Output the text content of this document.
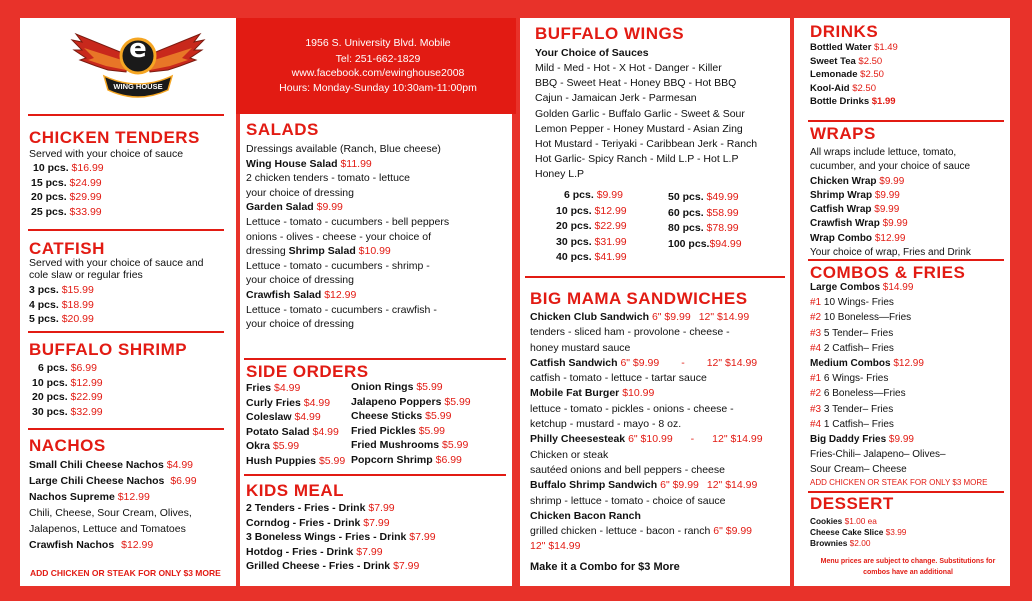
e
WING HOUSE
CHICKEN TENDERS
Served with your choice of sauce
10 pcs. $16.99
15 pcs. $24.99
20 pcs. $29.99
25 pcs. $33.99
CATFISH
Served with your choice of sauce and
cole slaw or regular fries
3 pcs. $15.99
4 pcs. $18.99
5 pcs. $20.99
BUFFALO SHRIMP
6 pcs. $6.99
10 pcs. $12.99
20 pcs. $22.99
30 pcs. $32.99
NACHOS
Small Chili Cheese Nachos $4.99
Large Chili Cheese Nachos $6.99
Nachos Supreme $12.99
Chili, Cheese, Sour Cream, Olives,
Jalapenos, Lettuce and Tomatoes
Crawfish Nachos $12.99
ADD CHICKEN OR STEAK FOR ONLY $3 MORE
1956 S. University Blvd. Mobile
Tel: 251-662-1829
www.facebook.com/ewinghouse2008
Hours: Monday-Sunday 10:30am-11:00pm
SALADS
Dressings available (Ranch, Blue cheese)
Wing House Salad $11.99
2 chicken tenders - tomato - lettuce
your choice of dressing
Garden Salad $9.99
Lettuce - tomato - cucumbers - bell peppers
onions - olives - cheese - your choice of
dressing Shrimp Salad $10.99
Lettuce - tomato - cucumbers - shrimp -
your choice of dressing
Crawfish Salad $12.99
Lettuce - tomato - cucumbers - crawfish -
your choice of dressing
SIDE ORDERS
Fries $4.99
Curly Fries $4.99
Coleslaw $4.99
Potato Salad $4.99
Okra $5.99
Hush Puppies $5.99
Onion Rings $5.99
Jalapeno Poppers $5.99
Cheese Sticks $5.99
Fried Pickles $5.99
Fried Mushrooms $5.99
Popcorn Shrimp $6.99
KIDS MEAL
2 Tenders - Fries - Drink $7.99
Corndog - Fries - Drink $7.99
3 Boneless Wings - Fries - Drink $7.99
Hotdog - Fries - Drink $7.99
Grilled Cheese - Fries - Drink $7.99
BUFFALO WINGS
Your Choice of Sauces
Mild - Med - Hot - X Hot - Danger - Killer
BBQ - Sweet Heat - Honey BBQ - Hot BBQ
Cajun - Jamaican Jerk - Parmesan
Golden Garlic - Buffalo Garlic - Sweet & Sour
Lemon Pepper - Honey Mustard - Asian Zing
Hot Mustard - Teriyaki - Caribbean Jerk - Ranch
Hot Garlic- Spicy Ranch - Mild L.P - Hot L.P
Honey L.P
6 pcs. $9.99
10 pcs. $12.99
20 pcs. $22.99
30 pcs. $31.99
40 pcs. $41.99
50 pcs. $49.99
60 pcs. $58.99
80 pcs. $78.99
100 pcs.$94.99
BIG MAMA SANDWICHES
Chicken Club Sandwich 6" $9.99 12" $14.99
tenders - sliced ham - provolone - cheese -
honey mustard sauce
Catfish Sandwich 6" $9.99 - 12" $14.99
catfish - tomato - lettuce - tartar sauce
Mobile Fat Burger $10.99
lettuce - tomato - pickles - onions - cheese -
ketchup - mustard - mayo - 8 oz.
Philly Cheesesteak 6" $10.99 - 12" $14.99
Chicken or steak
sautéed onions and bell peppers - cheese
Buffalo Shrimp Sandwich 6" $9.99 12" $14.99
shrimp - lettuce - tomato - choice of sauce
Chicken Bacon Ranch
grilled chicken - lettuce - bacon - ranch 6" $9.99
12" $14.99
Make it a Combo for $3 More
DRINKS
Bottled Water $1.49
Sweet Tea $2.50
Lemonade $2.50
Kool-Aid $2.50
Bottle Drinks $1.99
WRAPS
All wraps include lettuce, tomato,
cucumber, and your choice of sauce
Chicken Wrap $9.99
Shrimp Wrap $9.99
Catfish Wrap $9.99
Crawfish Wrap $9.99
Wrap Combo $12.99
Your choice of wrap, Fries and Drink
COMBOS & FRIES
Large Combos $14.99
#1 10 Wings- Fries
#2 10 Boneless—Fries
#3 5 Tender– Fries
#4 2 Catfish– Fries
Medium Combos $12.99
#1 6 Wings- Fries
#2 6 Boneless—Fries
#3 3 Tender– Fries
#4 1 Catfish– Fries
Big Daddy Fries $9.99
Fries-Chili– Jalapeno– Olives–
Sour Cream– Cheese
ADD CHICKEN OR STEAK FOR ONLY $3 MORE
DESSERT
Cookies $1.00 ea
Cheese Cake Slice $3.99
Brownies $2.00
Menu prices are subject to change. Substitutions for
combos have an additional
